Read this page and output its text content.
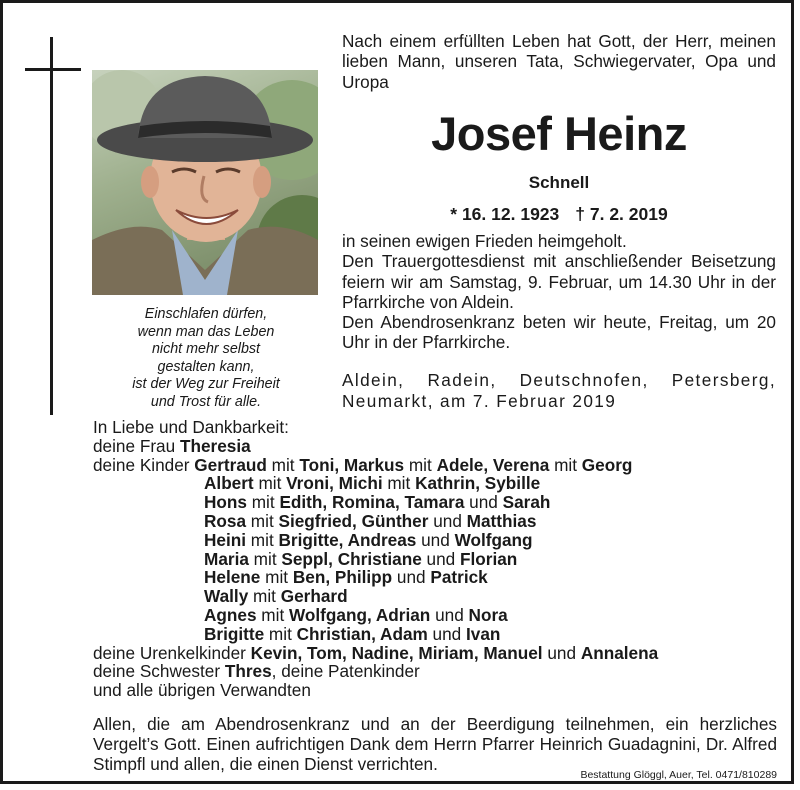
Einschlafen dürfen,
wenn man das Leben
nicht mehr selbst
gestalten kann,
ist der Weg zur Freiheit
und Trost für alle.
Nach einem erfüllten Leben hat Gott, der Herr, meinen lieben Mann, unseren Tata, Schwiegervater, Opa und Uropa
Josef Heinz
Schnell
* 16. 12. 1923 † 7. 2. 2019

in seinen ewigen Frieden heimgeholt.

Den Trauergottesdienst mit anschließender Beisetzung feiern wir am Samstag, 9. Februar, um 14.30 Uhr in der Pfarrkirche von Aldein.

Den Abendrosenkranz beten wir heute, Freitag, um 20 Uhr in der Pfarrkirche.

Aldein, Radein, Deutschnofen, Petersberg, Neumarkt, am 7. Februar 2019
In Liebe und Dankbarkeit:
deine Frau Theresia
deine Kinder Gertraud mit Toni, Markus mit Adele, Verena mit Georg
Albert mit Vroni, Michi mit Kathrin, Sybille
Hons mit Edith, Romina, Tamara und Sarah
Rosa mit Siegfried, Günther und Matthias
Heini mit Brigitte, Andreas und Wolfgang
Maria mit Seppl, Christiane und Florian
Helene mit Ben, Philipp und Patrick
Wally mit Gerhard
Agnes mit Wolfgang, Adrian und Nora
Brigitte mit Christian, Adam und Ivan
deine Urenkelkinder Kevin, Tom, Nadine, Miriam, Manuel und Annalena
deine Schwester Thres, deine Patenkinder
und alle übrigen Verwandten
Allen, die am Abendrosenkranz und an der Beerdigung teilnehmen, ein herzliches Vergelt’s Gott. Einen aufrichtigen Dank dem Herrn Pfarrer Heinrich Guadagnini, Dr. Alfred Stimpfl und allen, die einen Dienst verrichten.
Bestattung Glöggl, Auer, Tel. 0471/810289
